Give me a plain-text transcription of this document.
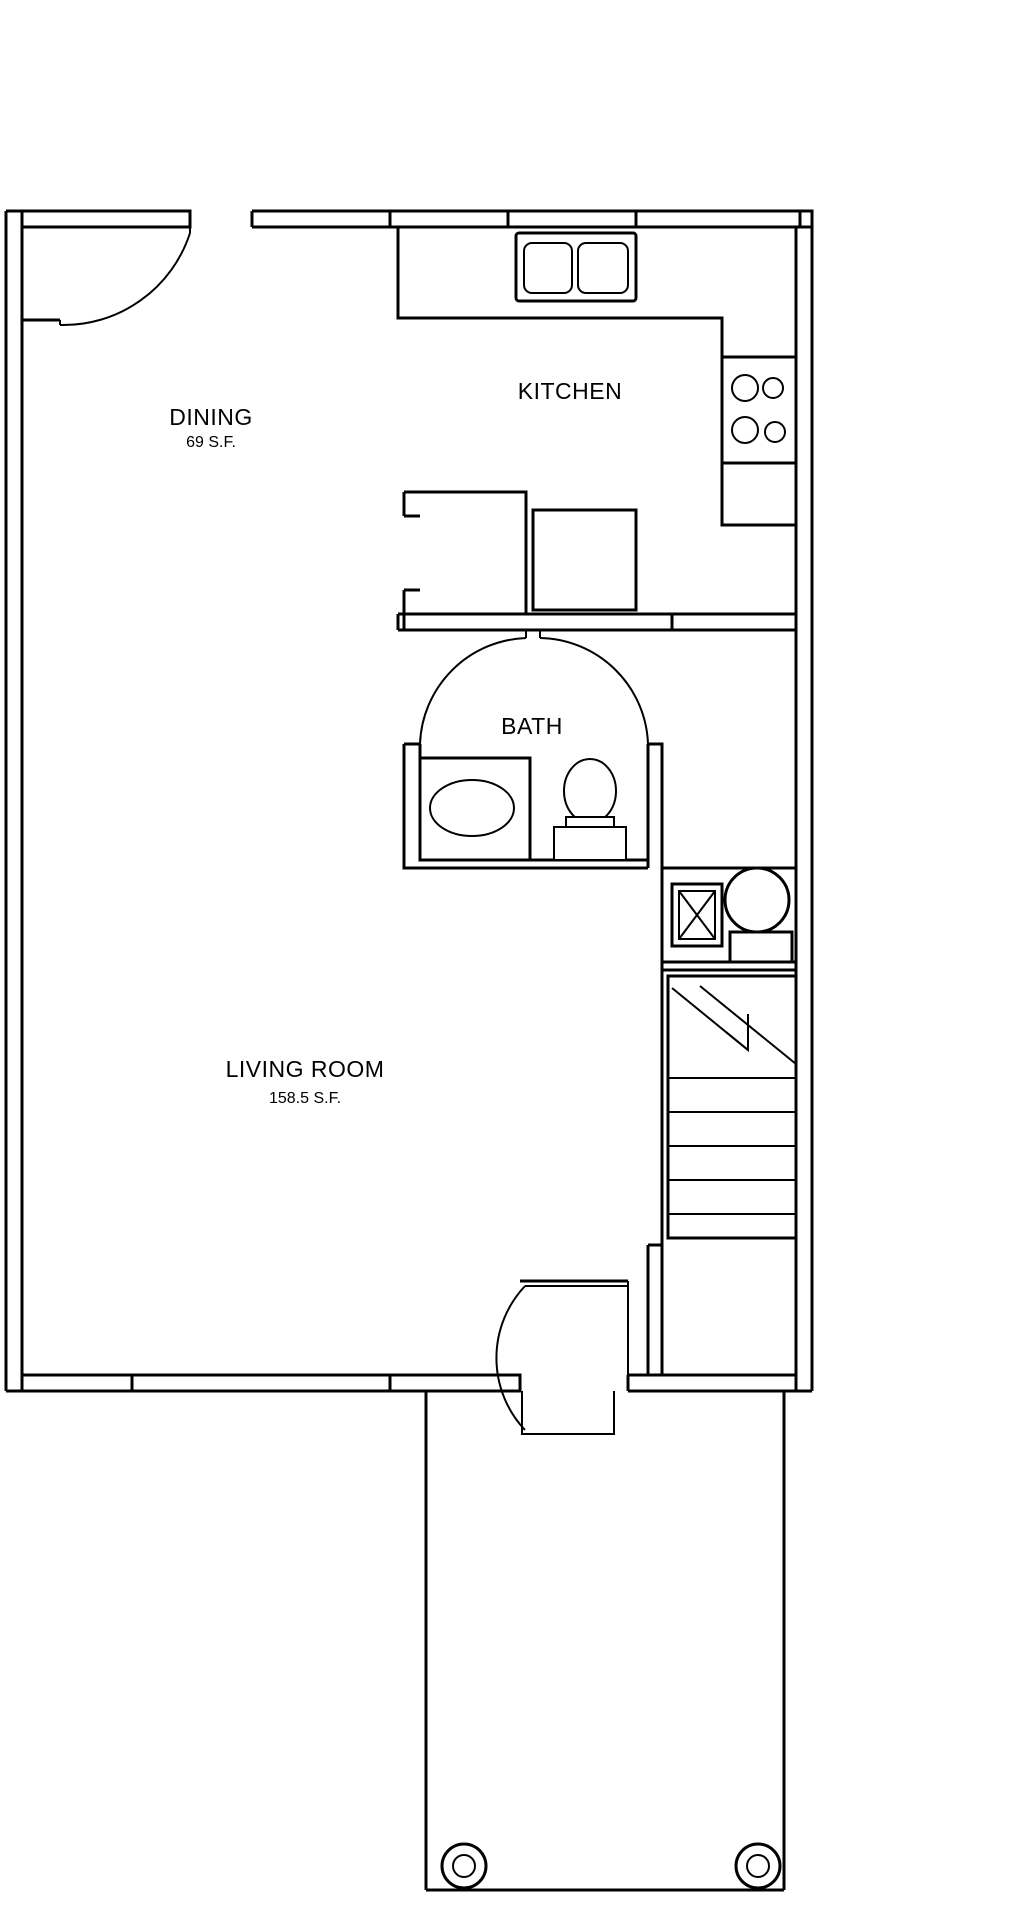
DINING
69 S.F.
KITCHEN
BATH
LIVING ROOM
158.5 S.F.
